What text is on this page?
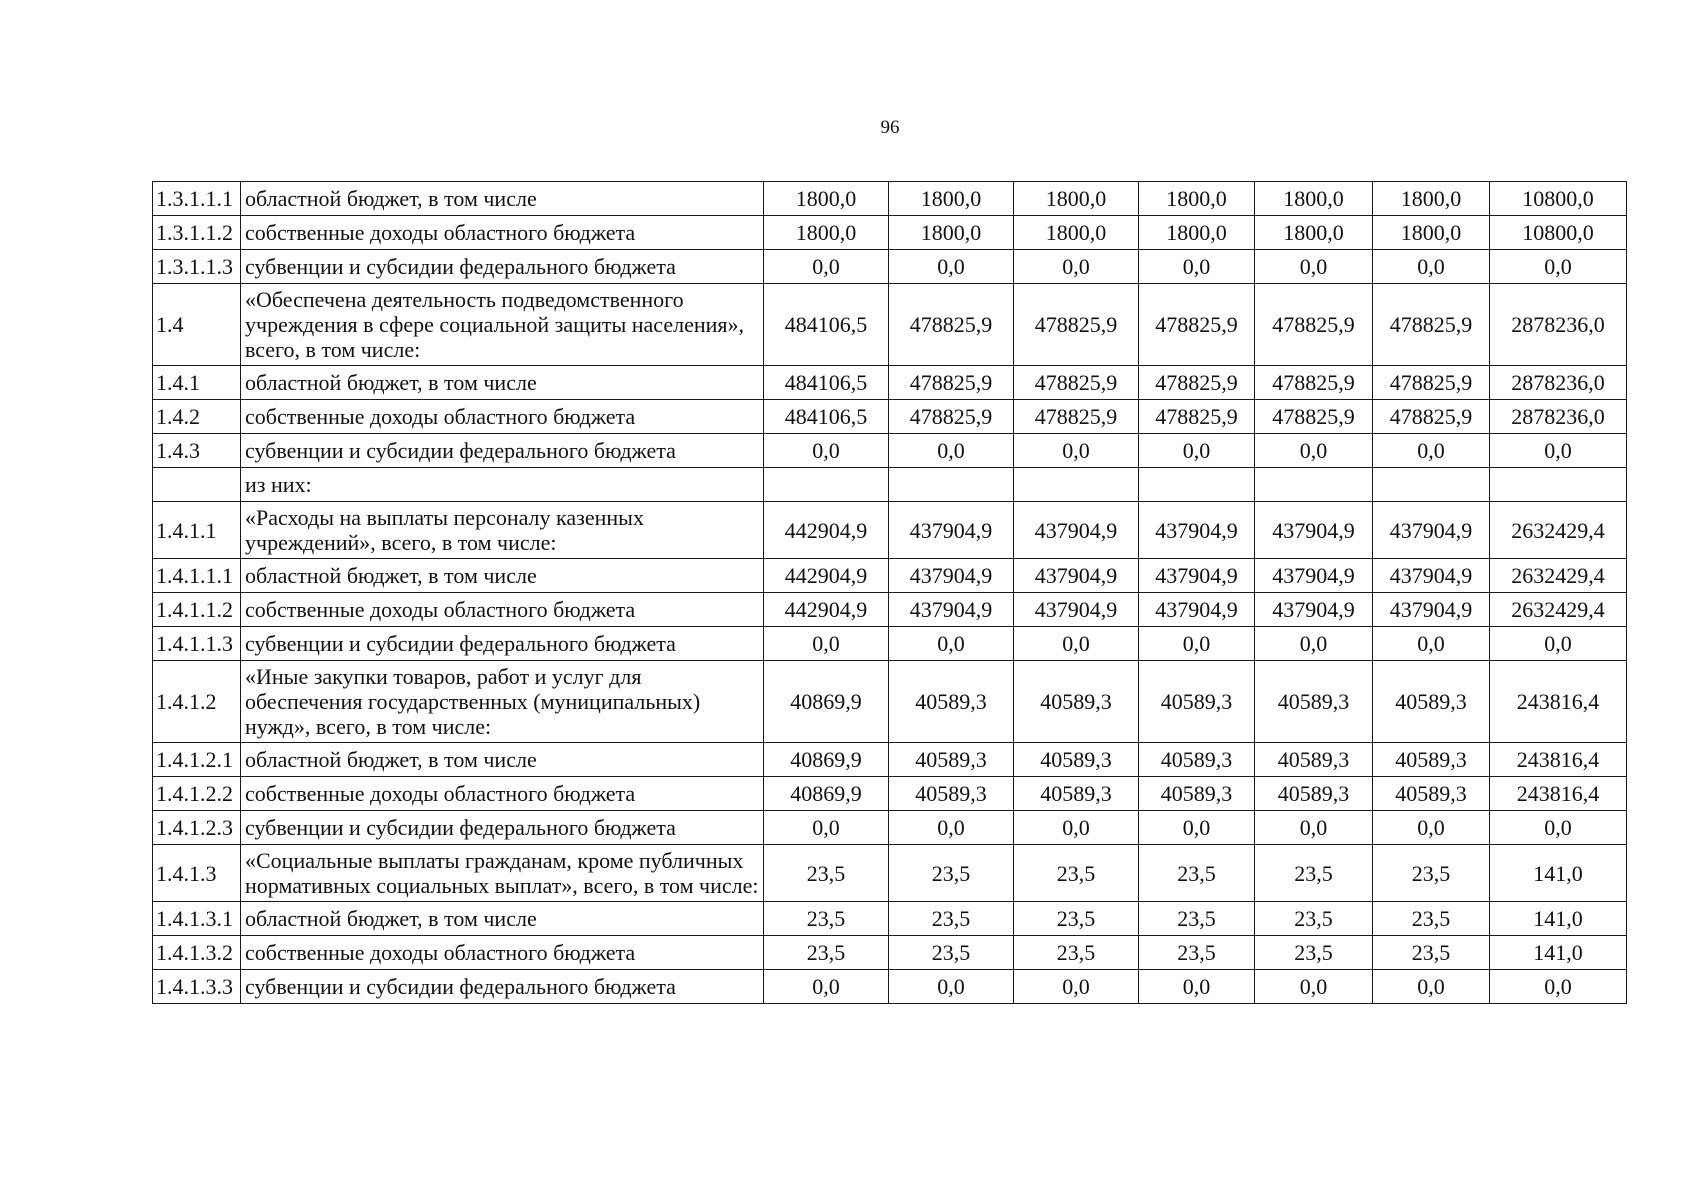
96
1.3.1.1.1	областной бюджет, в том числе	1800,0	1800,0	1800,0	1800,0	1800,0	1800,0	10800,0
1.3.1.1.2	собственные доходы областного бюджета	1800,0	1800,0	1800,0	1800,0	1800,0	1800,0	10800,0
1.3.1.1.3	субвенции и субсидии федерального бюджета	0,0	0,0	0,0	0,0	0,0	0,0	0,0
1.4	«Обеспечена деятельность подведомственного учреждения в сфере социальной защиты населения», всего, в том числе:	484106,5	478825,9	478825,9	478825,9	478825,9	478825,9	2878236,0
1.4.1	областной бюджет, в том числе	484106,5	478825,9	478825,9	478825,9	478825,9	478825,9	2878236,0
1.4.2	собственные доходы областного бюджета	484106,5	478825,9	478825,9	478825,9	478825,9	478825,9	2878236,0
1.4.3	субвенции и субсидии федерального бюджета	0,0	0,0	0,0	0,0	0,0	0,0	0,0
	из них:							
1.4.1.1	«Расходы на выплаты персоналу казенных учреждений», всего, в том числе:	442904,9	437904,9	437904,9	437904,9	437904,9	437904,9	2632429,4
1.4.1.1.1	областной бюджет, в том числе	442904,9	437904,9	437904,9	437904,9	437904,9	437904,9	2632429,4
1.4.1.1.2	собственные доходы областного бюджета	442904,9	437904,9	437904,9	437904,9	437904,9	437904,9	2632429,4
1.4.1.1.3	субвенции и субсидии федерального бюджета	0,0	0,0	0,0	0,0	0,0	0,0	0,0
1.4.1.2	«Иные закупки товаров, работ и услуг для обеспечения государственных (муниципальных) нужд», всего, в том числе:	40869,9	40589,3	40589,3	40589,3	40589,3	40589,3	243816,4
1.4.1.2.1	областной бюджет, в том числе	40869,9	40589,3	40589,3	40589,3	40589,3	40589,3	243816,4
1.4.1.2.2	собственные доходы областного бюджета	40869,9	40589,3	40589,3	40589,3	40589,3	40589,3	243816,4
1.4.1.2.3	субвенции и субсидии федерального бюджета	0,0	0,0	0,0	0,0	0,0	0,0	0,0
1.4.1.3	«Социальные выплаты гражданам, кроме публичных нормативных социальных выплат», всего, в том числе:	23,5	23,5	23,5	23,5	23,5	23,5	141,0
1.4.1.3.1	областной бюджет, в том числе	23,5	23,5	23,5	23,5	23,5	23,5	141,0
1.4.1.3.2	собственные доходы областного бюджета	23,5	23,5	23,5	23,5	23,5	23,5	141,0
1.4.1.3.3	субвенции и субсидии федерального бюджета	0,0	0,0	0,0	0,0	0,0	0,0	0,0
